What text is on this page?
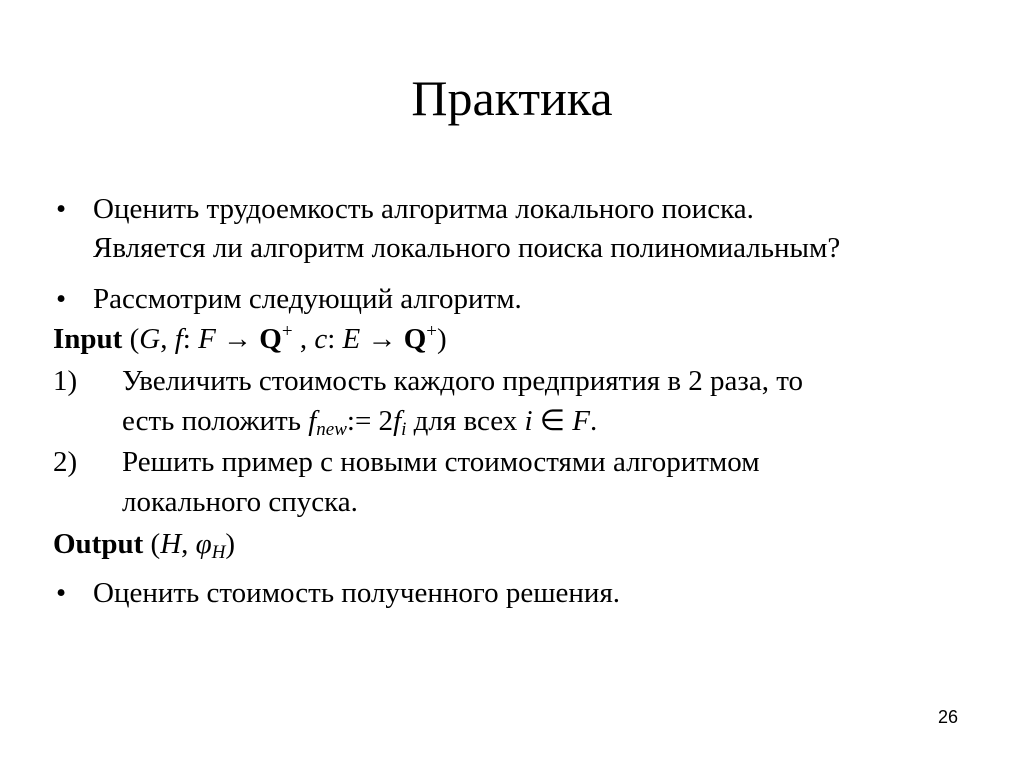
Практика
• Оценить трудоемкость алгоритма локального поиска.
Является ли алгоритм локального поиска полиномиальным?
• Рассмотрим следующий алгоритм.
Input (G, f: F → Q+ , c: E → Q+)
1) Увеличить стоимость каждого предприятия в 2 раза, то
есть положить $f_{new}:= 2f_i$ для всех i ∈ F.
2) Решить пример с новыми стоимостями алгоритмом
локального спуска.
Output (H, $\varphi_H$)
• Оценить стоимость полученного решения.
26
